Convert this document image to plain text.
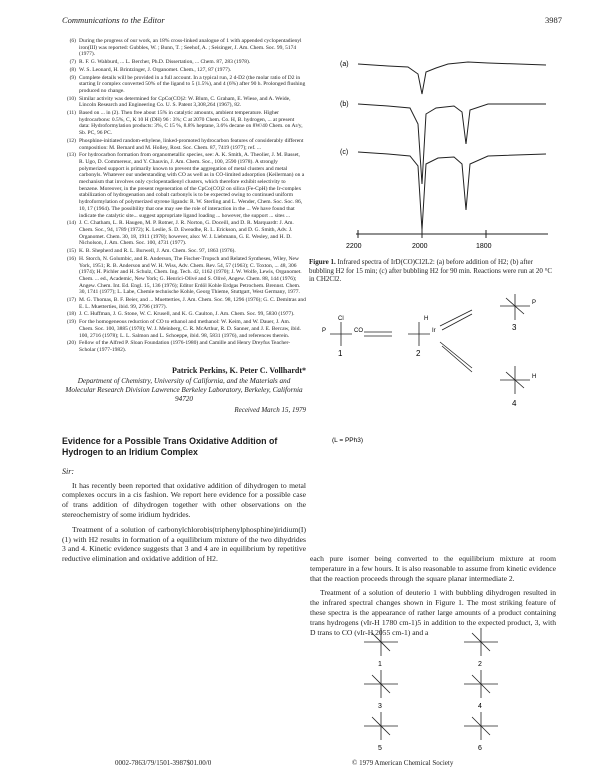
Communications to the Editor	3987
(6) During the progress of our work, an 18% cross-linked analogue of 1 with appended cyclopentadienyl iron(III) was reported: Gubbles, W. ; Bunn, T. ; Seehof, A. ; Seisinger, J. Am. Chem. Soc. 99, 5174 (1977).
(7) R. F. G. Wahburd, ... L. Bercher, Ph.D. Dissertation, ... Chem. 87, 283 (1978).
(8) W. S. Leonard, H. Brintzinger, J. Organomet. Chem., 127, 87 (1977).
(9) Complete details will be provided in a full account. In a typical run, 2 d-D2 (the molar ratio of D2 in starting Ir complex converted 50% of the ligand to 5 (1.5%), and 4 (6%) after 90 h. Prolonged flushing produced no change.
(10) Similar activity was determined for CpCo(CO)2: W. Blum, C. Graham, E. Wiese, and A. Weide, Lincoln Research and Engineering Co. U. S. Patent 3,308,264 (1967), 82.
(11) Based on ... in (2). Then free about 15% in catalytic amounts, ambient temperature. Higher hydrocarbons: 0.5%, C, K 10 H (DH) 96 : 3%; C at 2070 Chem. Co. H, B. hydrogen, ... at present data: Hydroformylation products: 3%, C 15 %, 8.8% heptane, 3.6% decane on 8W/40 Chem. on Ar/y, Sb. PC, 96 PC.
(12) Phosphine-initiated random-ethylene, linked-promoted hydrocarbon features of considerably different composition: M. Bernard and M. Holley, Rost. Soc. Chem. 87, 7419 (1977); ref. ...
(13) For hydrocarbon formation from organometallic species, see: A. K. Smith, A. Theolier, J. M. Basset, R. Ugo, D. Commereuc, and Y. Chauvin, J. Am. Chem. Soc., 100, 2590 (1978). A strongly polymerized support is primarily known to prevent the aggregation of metal clusters and metal carbonyls. Whatever our understanding with CO as well as in CO-limited adsorption (Keilerman) on a mechanism that involves only cyclopentadienyl clusters, which therefore exhibit selectivity to benzene. Moreover, in the present regeneration of the CpCo(CO)2 on silica (Fe-CpH) the Ir-complex stabilization of hydrogenation and cobalt carbonyls is to be expected owing to continued uniform hydroformylation of polymerized styrene ligands: R. W. Sterling and L. Wender, Chem. Soc. Soc. 86, 10, 17 (1964). The possibility that one may see the role of interaction in the ... We have found that indicate the catalytic site... suggest appropriate ligand loading ... however, the support ... sites ...
(14) J. C. Chatham, L. R. Haugen, M. P. Rotner, J. R. Norton, G. Doceill, and D. R. Marquardt: J. Am. Chem. Soc., 94, 1789 (1972); K. Leslie, S. D. Eweadhe, R. L. Erickson, and D. G. Smith, Adv. J. Organomet. Chem. 30, 18, 1911 (1978); however, also: W. J. Liebmann, G. E. Wesley, and H. D. Nicholson, J. Am. Chem. Soc. 100, 4731 (1977).
(15) K. B. Shepherd and R. L. Burwell, J. Am. Chem. Soc. 97, 1863 (1976).
(16) H. Storch, N. Golumbic, and R. Anderson, The Fischer-Tropsch and Related Syntheses, Wiley, New York, 1951; R. B. Anderson and W. H. Wiss, Adv. Chem. Rev. 54, 57 (1963); C. Toxton, ... 48, 306 (1974); H. Pichler and H. Schulz, Chem. Ing. Tech. 42, 1162 (1970); J. W. Wolfe, Lewis, Organomet. Chem. ... ed., Academic, New York; G. Henrici-Olivé and S. Olivé, Angew. Chem. 88, 144 (1976); Angew. Chem. Int. Ed. Engl. 15, 136 (1976); Editor Erdöl Kohle Erdgas Petrochem. Brennst. Chem. 30, 1741 (1977); L. Labe, Chemie technische Kohle, Georg Thieme, Stuttgart, West Germany, 1977.
(17) M. G. Thomas, B. F. Beier, and ... Muetterties, J. Am. Chem. Soc. 98, 1296 (1976); G. C. Demitras and E. L. Muetterties, ibid. 99, 2796 (1977).
(18) J. C. Huffman, J. G. Stone, W. C. Krusell, and K. G. Caulton, J. Am. Chem. Soc. 99, 5830 (1977).
(19) For the homogeneous reduction of CO to ethanol and methanol: W. Keim, and W. Dauer, J. Am. Chem. Soc. 100, 3885 (1978); W. J. Meinberg, C. R. McArthur, R. D. Sanner, and J. E. Bercaw, ibid. 100, 2716 (1978); L. L. Salmon and L. Schoeppe, ibid. 98, 5831 (1976), and references therein.
(20) Fellow of the Alfred P. Sloan Foundation (1976-1980) and Camille and Henry Dreyfus Teacher-Scholar (1977-1982).
Patrick Perkins, K. Peter C. Vollhardt*
Department of Chemistry, University of California, and the Materials and Molecular Research Division Lawrence Berkeley Laboratory, Berkeley, California 94720
Received March 15, 1979
Evidence for a Possible Trans Oxidative Addition of Hydrogen to an Iridium Complex
Sir:

It has recently been reported that oxidative addition of dihydrogen to metal complexes occurs in a cis fashion. We report here evidence for a possible case of trans addition of dihydrogen together with other observations on the stereochemistry of some iridium hydrides.

Treatment of a solution of carbonylchlorobis(triphenylphosphine)iridium(I) (1) with H2 results in formation of a equilibrium mixture of the two dihydrides 3 and 4. Kinetic evidence suggests that 3 and 4 are in equilibrium by repetitive reductive elimination and oxidative addition of H2.

(a)
(b)
(c)
2200	2000	1800
Figure 1. Infrared spectra of IrD(CO)Cl2L2: (a) before addition of H2; (b) after bubbling H2 for 15 min; (c) after bubbling H2 for 90 min. Reactions were run at 20 °C in CH2Cl2.
P
Cl
CO
1
H
Ir
2
P
3
H
4
(L = PPh3)

each pure isomer being converted to the equilibrium mixture at room temperature in a few hours. It is also reasonable to assume from kinetic evidence that the reaction proceeds through the square planar intermediate 2.

Treatment of a solution of deuterio 1 with bubbling dihydrogen resulted in the infrared spectral changes shown in Figure 1. The most striking feature of these spectra is the appearance of rather large amounts of a product containing trans hydrogens (νIr-H 1780 cm-1)5 in addition to the expected product, 3, with D trans to CO (νIr-H 2055 cm-1) and a

1	2
3	4
5	6
0002-7863/79/1501-3987$01.00/0	© 1979 American Chemical Society
